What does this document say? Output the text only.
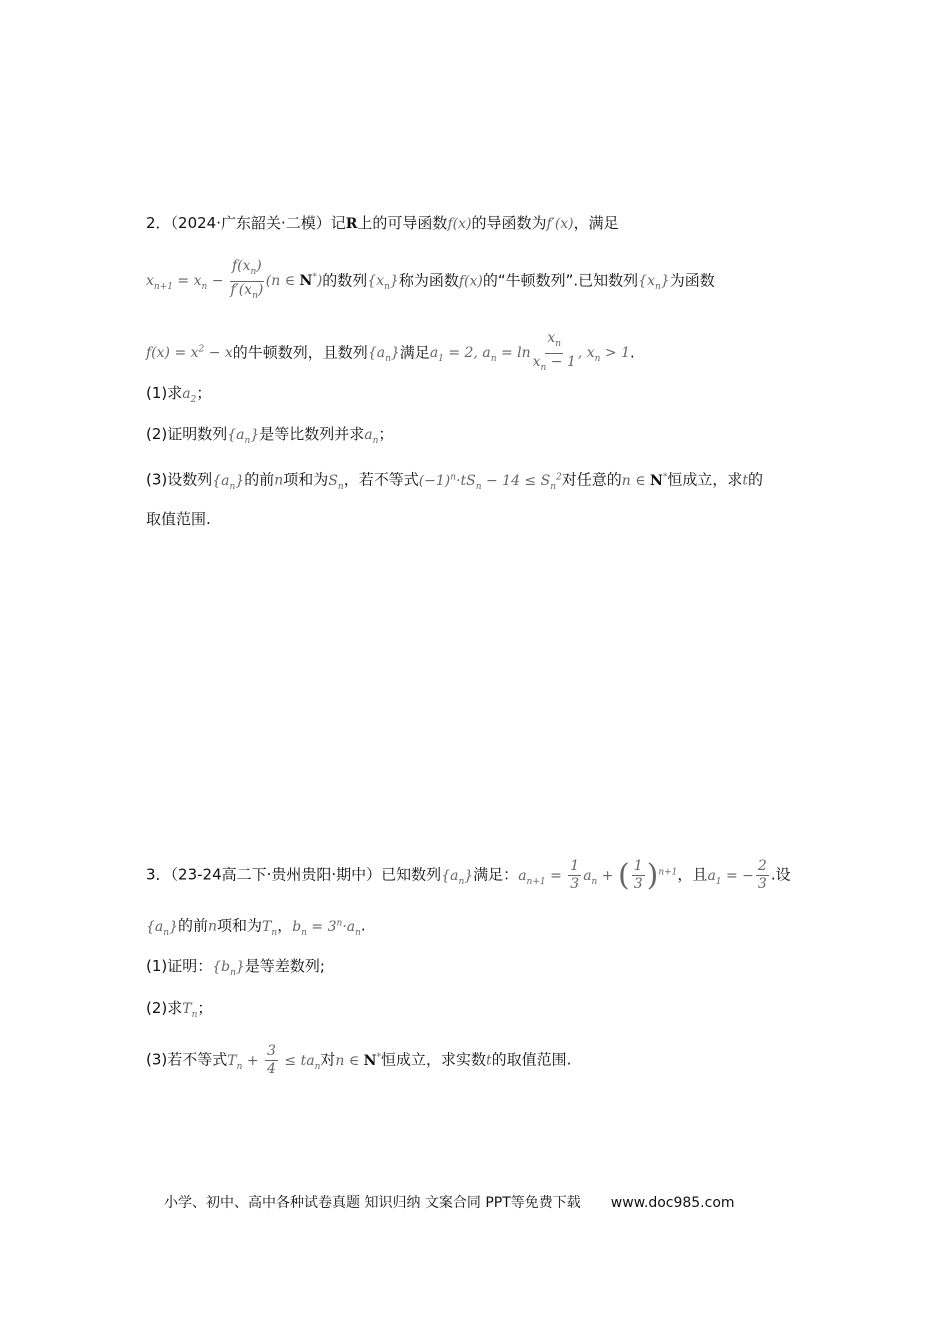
2．（2024·广东韶关·二模）记R上的可导函数f(x)的导函数为f′(x)，满足
$x_{n+1} = x_n - \frac{f(x_n)}{f'(x_n)} (n$ ∈ N*)的数列$\{x_n\}$称为函数f(x)的“牛顿数列”.已知数列$\{x_n\}$为函数
$f(x) = x^2 - x$的牛顿数列，且数列$\{a_n\}$满足$a_1 = 2$, $a_n = \ln \frac{x_n}{x_n - 1}$ , $x_n > 1$.
(1)求$a_2$；
(2)证明数列$\{a_n\}$是等比数列并求$a_n$；
(3)设数列$\{a_n\}$的前n项和为$S_n$，若不等式$(-1)^n\cdot tS_n - 14 \le S_n^2$对任意的n ∈ N*恒成立，求t的
取值范围.
3．（23-24高二下·贵州贵阳·期中）已知数列$\{a_n\}$满足：$a_{n+1} = \frac{1}{3} a_n$ + ( $\frac{1}{3} )^{n+1}$，且$a_1$ = − $\frac{2}{3}$ .设
$\{a_n\}$的前n项和为$T_n$，$b_n = 3^n\cdot a_n$.
(1)证明：$\{b_n\}$是等差数列;
(2)求$T_n$；
(3)若不等式$T_n + \frac{3}{4} \le ta_n$对n ∈ N*恒成立，求实数t的取值范围.
小学、初中、高中各种试卷真题 知识归纳 文案合同 PPT等免费下载 www.doc985.com
